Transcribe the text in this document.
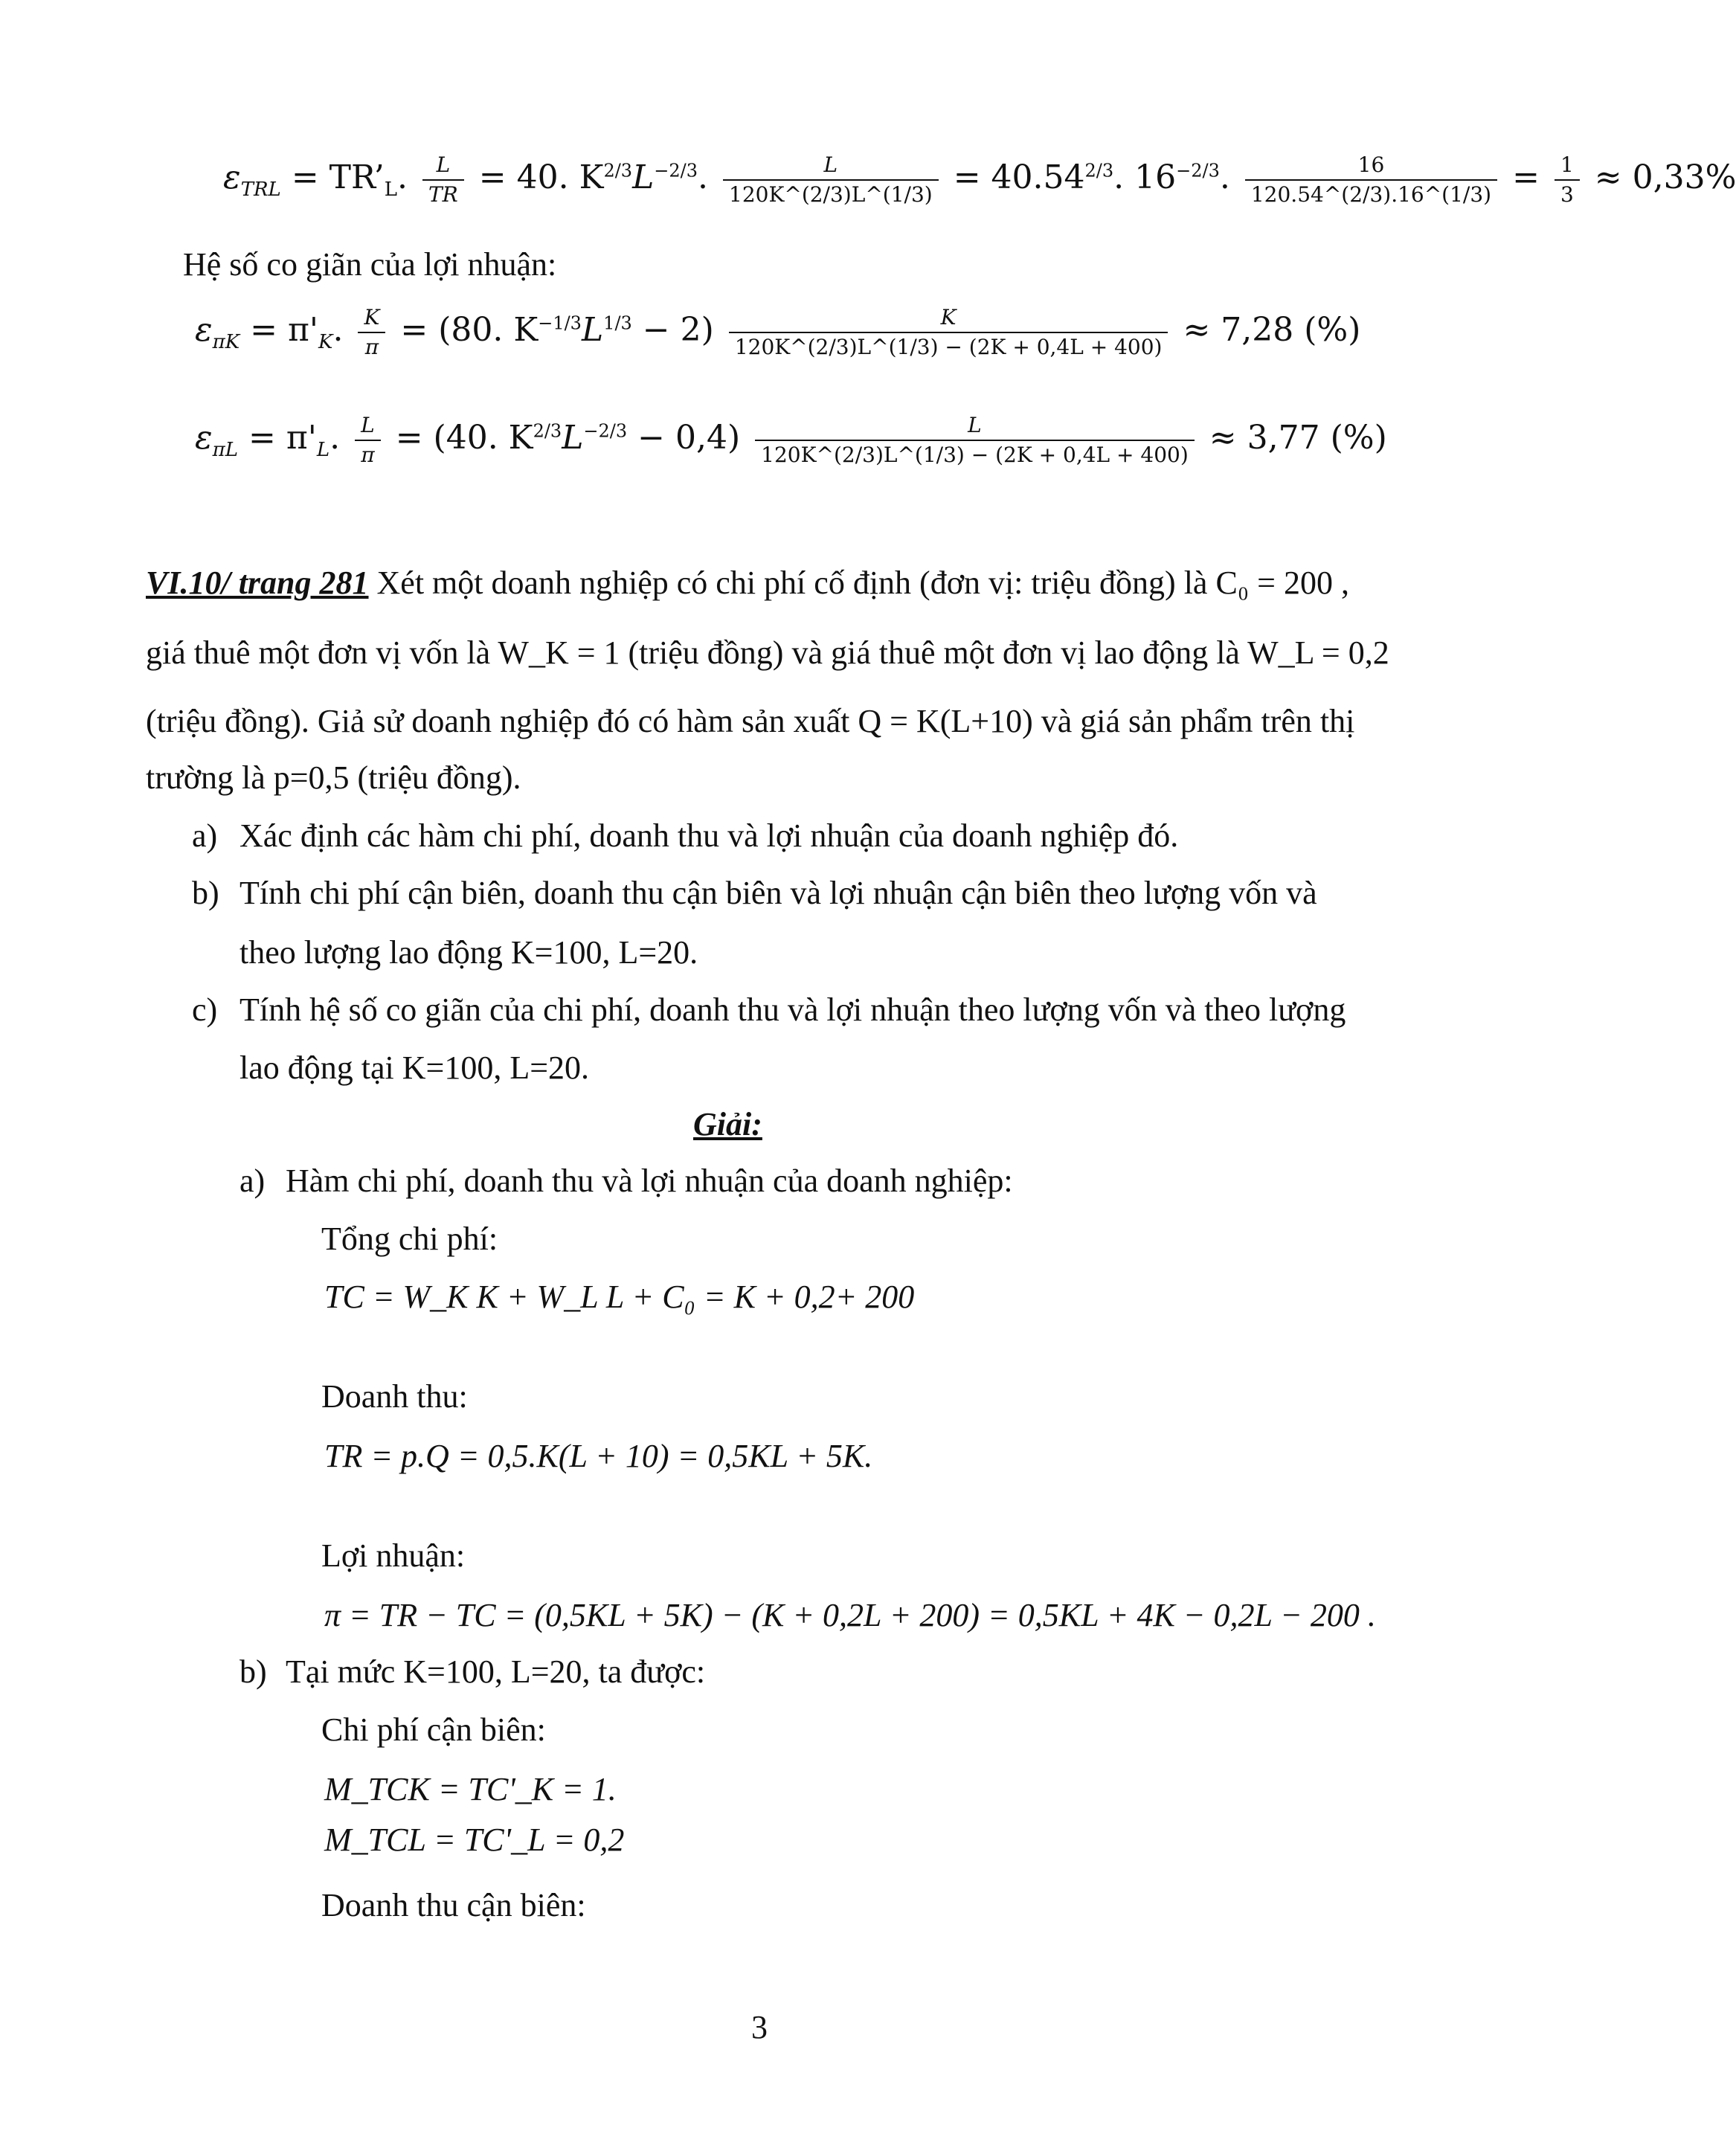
$\varepsilon_{TRL}$ = $TR’_L$. $\frac{L}{TR} = 40$. $K^{2/3}L^{-2/3}$. $\frac{L}{120K\^{}(2/3)L\^{}(1/3)} = 40.54^{2/3}$. $16^{-2/3}$. $\frac{16}{120.54\^{}(2/3).16\^{}(1/3)} = \frac{1}{3} \approx 0,33\%$
Hệ số co giãn của lợi nhuận:
$\varepsilon_{\pi K} = \pi'_K$. $\frac{K}{\pi} = (80$. $K^{-1/3}L^{1/3} - 2) \frac{K}{120K\^{}(2/3)L\^{}(1/3) - (2K + 0,4L + 400)} \approx 7,28$ (%)
$\varepsilon_{\pi L} = \pi'_L$. $\frac{L}{\pi} = (40$. $K^{2/3}L^{-2/3} - 0,4) \frac{L}{120K\^{}(2/3)L\^{}(1/3) - (2K + 0,4L + 400)} \approx 3,77$ (%)
VI.10/ trang 281 Xét một doanh nghiệp có chi phí cố định (đơn vị: triệu đồng) là C₀ = 200 ,
giá thuê một đơn vị vốn là W_K = 1 (triệu đồng) và giá thuê một đơn vị lao động là W_L = 0,2
(triệu đồng). Giả sử doanh nghiệp đó có hàm sản xuất Q = K(L+10) và giá sản phẩm trên thị
trường là p=0,5 (triệu đồng).
a) Xác định các hàm chi phí, doanh thu và lợi nhuận của doanh nghiệp đó.
b) Tính chi phí cận biên, doanh thu cận biên và lợi nhuận cận biên theo lượng vốn và
theo lượng lao động K=100, L=20.
c) Tính hệ số co giãn của chi phí, doanh thu và lợi nhuận theo lượng vốn và theo lượng
lao động tại K=100, L=20.
Giải:
a) Hàm chi phí, doanh thu và lợi nhuận của doanh nghiệp:
Tổng chi phí:
TC = W_K K + W_L L + C₀ = K + 0,2+ 200
Doanh thu:
TR = p.Q = 0,5.K(L + 10) = 0,5KL + 5K.
Lợi nhuận:
π = TR − TC = (0,5KL + 5K) − (K + 0,2L + 200) = 0,5KL + 4K − 0,2L − 200 .
b) Tại mức K=100, L=20, ta được:
Chi phí cận biên:
M_TCK = TC'_K = 1.
M_TCL = TC'_L = 0,2
Doanh thu cận biên:
3
